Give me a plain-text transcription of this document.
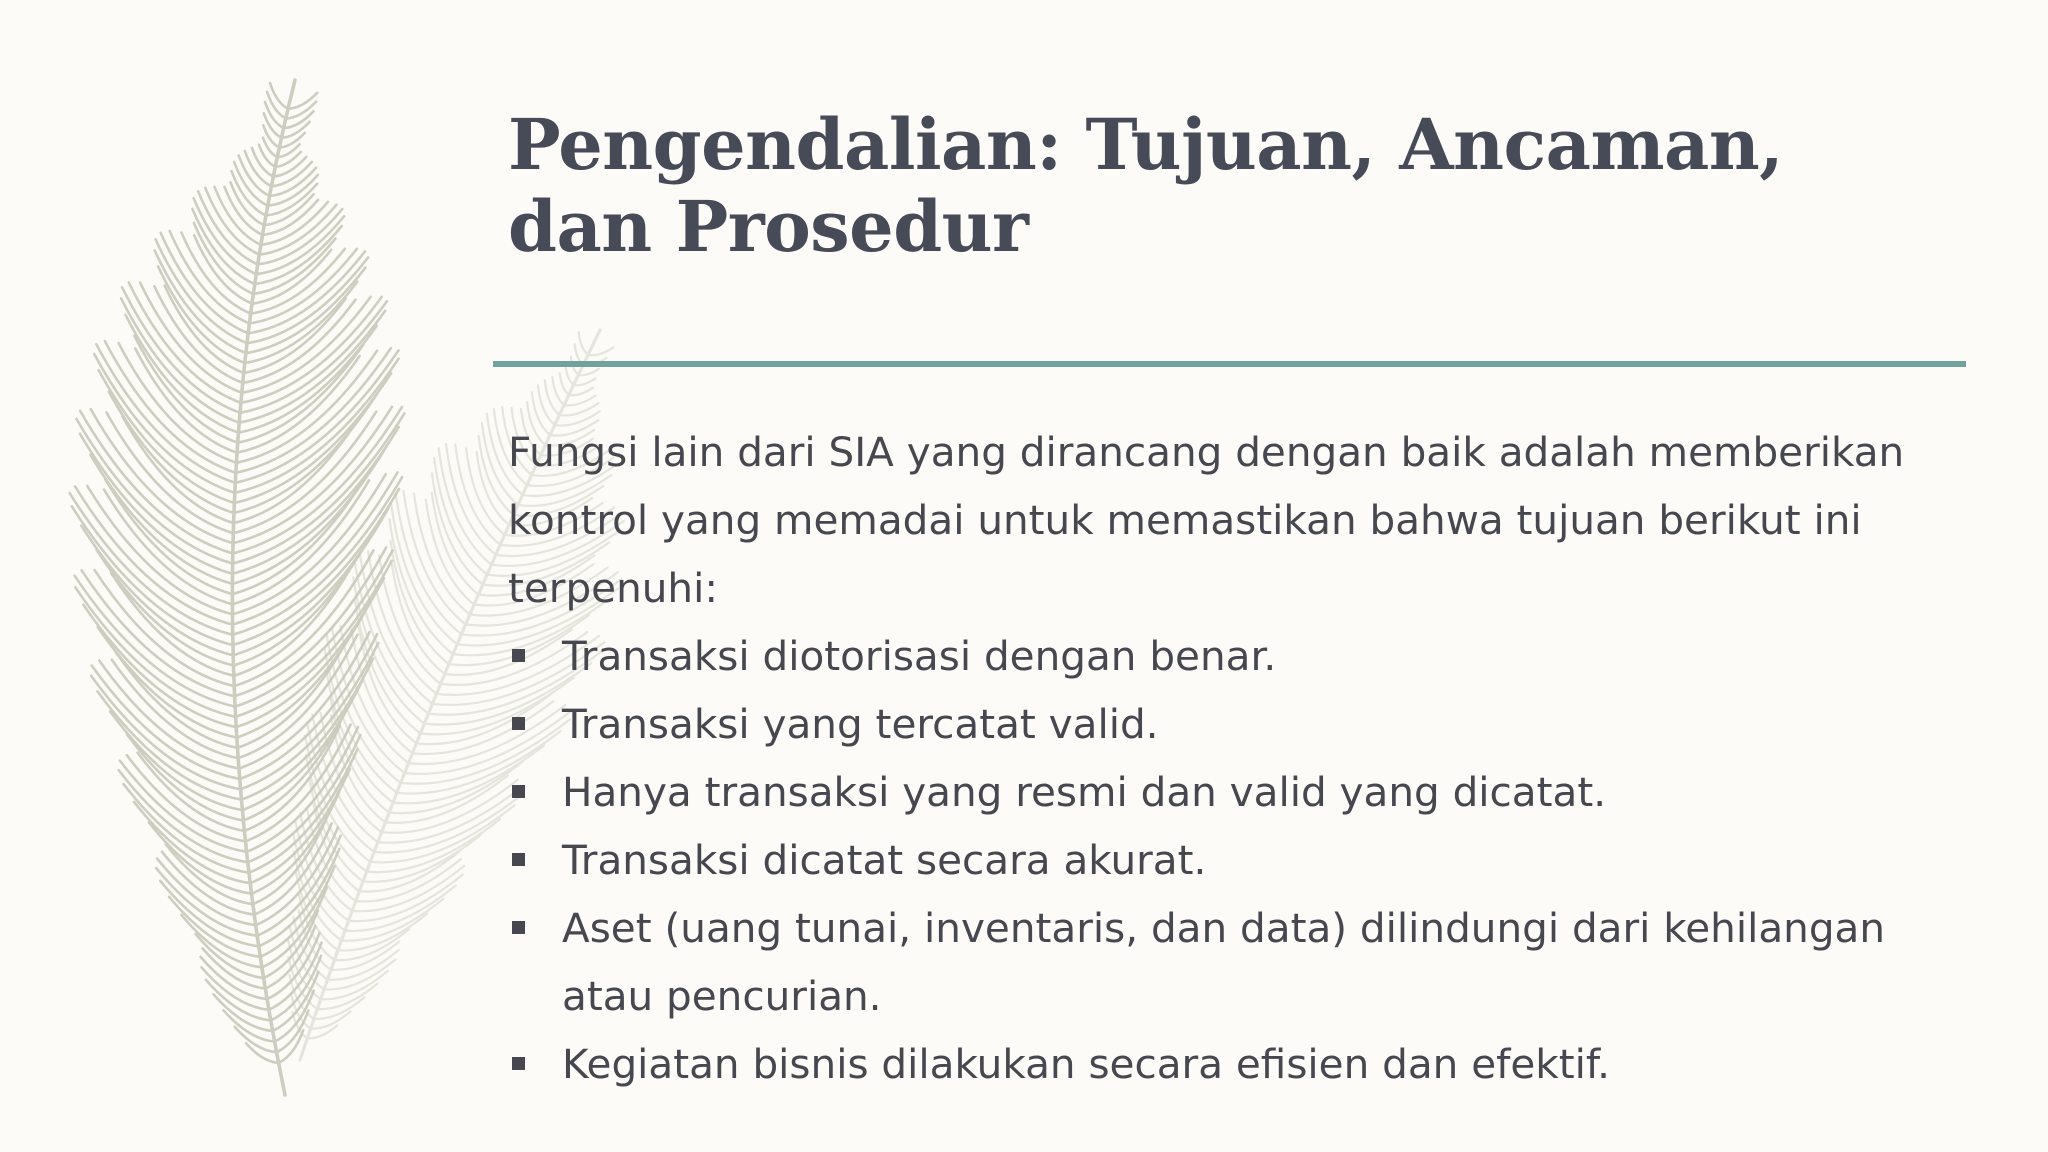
Pengendalian: Tujuan, Ancaman, dan Prosedur

Fungsi lain dari SIA yang dirancang dengan baik adalah memberikan kontrol yang memadai untuk memastikan bahwa tujuan berikut ini terpenuhi:

Transaksi diotorisasi dengan benar.
Transaksi yang tercatat valid.
Hanya transaksi yang resmi dan valid yang dicatat.
Transaksi dicatat secara akurat.
Aset (uang tunai, inventaris, dan data) dilindungi dari kehilangan atau pencurian.
Kegiatan bisnis dilakukan secara efisien dan efektif.
